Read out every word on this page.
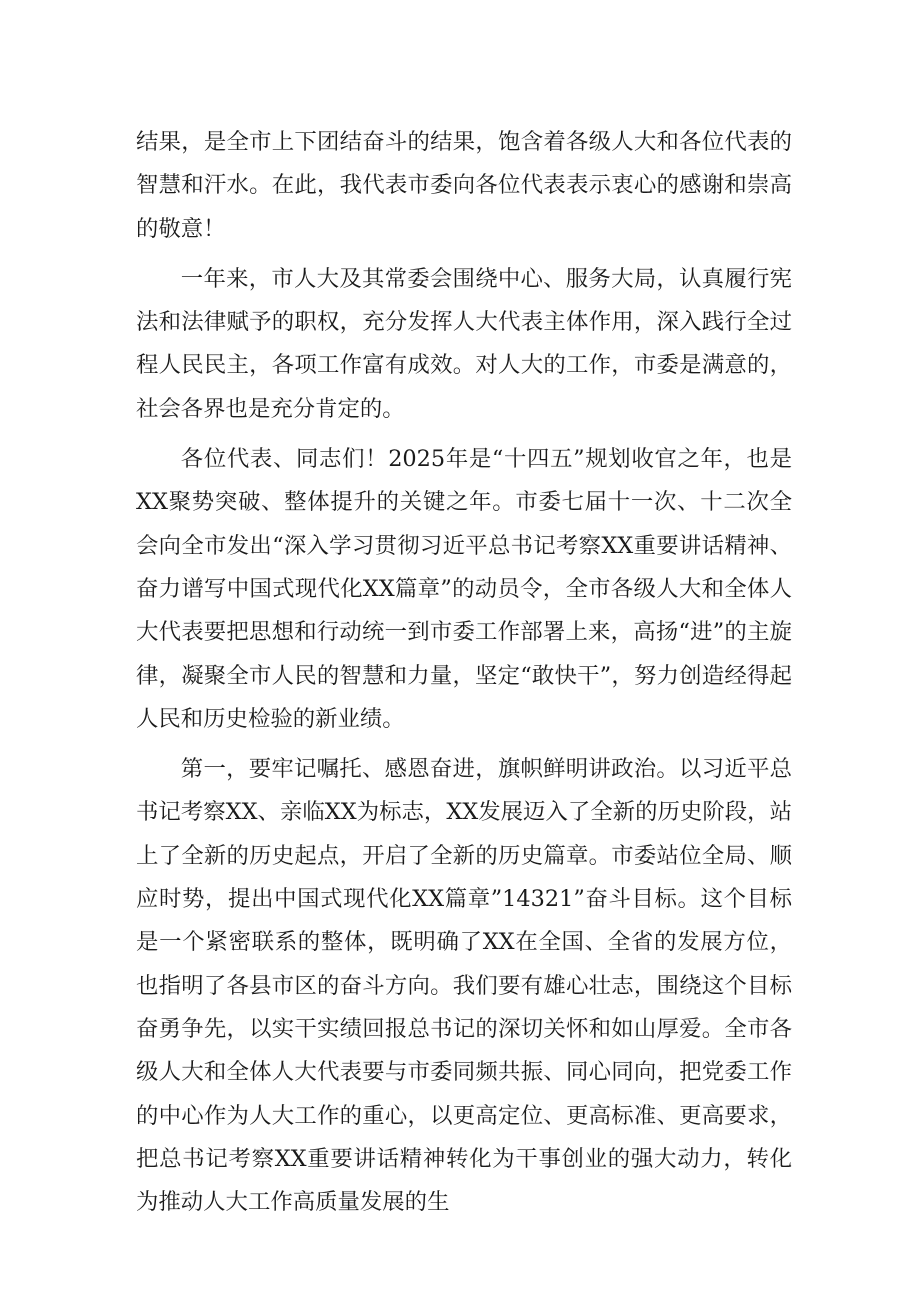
结果，是全市上下团结奋斗的结果，饱含着各级人大和各位代表的智慧和汗水。在此，我代表市委向各位代表表示衷心的感谢和崇高的敬意！

一年来，市人大及其常委会围绕中心、服务大局，认真履行宪法和法律赋予的职权，充分发挥人大代表主体作用，深入践行全过程人民民主，各项工作富有成效。对人大的工作，市委是满意的，社会各界也是充分肯定的。

各位代表、同志们！2025年是“十四五”规划收官之年，也是XX聚势突破、整体提升的关键之年。市委七届十一次、十二次全会向全市发出“深入学习贯彻习近平总书记考察XX重要讲话精神、奋力谱写中国式现代化XX篇章”的动员令，全市各级人大和全体人大代表要把思想和行动统一到市委工作部署上来，高扬“进”的主旋律，凝聚全市人民的智慧和力量，坚定“敢快干”，努力创造经得起人民和历史检验的新业绩。

第一，要牢记嘱托、感恩奋进，旗帜鲜明讲政治。以习近平总书记考察XX、亲临XX为标志，XX发展迈入了全新的历史阶段，站上了全新的历史起点，开启了全新的历史篇章。市委站位全局、顺应时势，提出中国式现代化XX篇章”14321”奋斗目标。这个目标是一个紧密联系的整体，既明确了XX在全国、全省的发展方位，也指明了各县市区的奋斗方向。我们要有雄心壮志，围绕这个目标奋勇争先，以实干实绩回报总书记的深切关怀和如山厚爱。全市各级人大和全体人大代表要与市委同频共振、同心同向，把党委工作的中心作为人大工作的重心，以更高定位、更高标准、更高要求，把总书记考察XX重要讲话精神转化为干事创业的强大动力，转化为推动人大工作高质量发展的生
